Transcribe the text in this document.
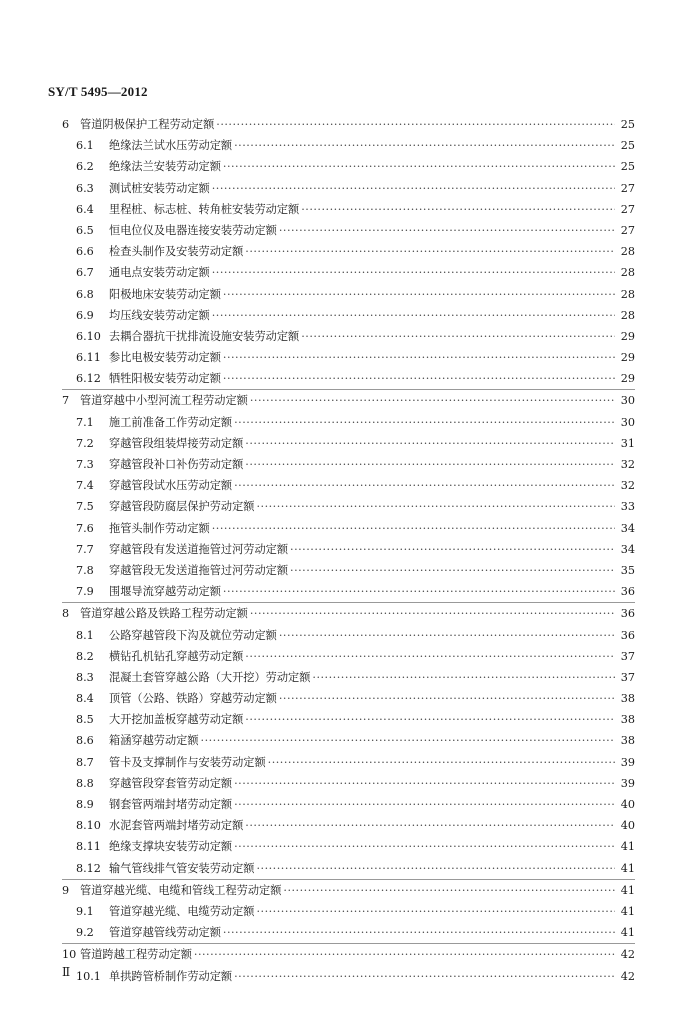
SY/T 5495—2012
6 管道阴极保护工程劳动定额 ·····	25
6.1	绝缘法兰试水压劳动定额 ·····	25
6.2	绝缘法兰安装劳动定额 ·····	25
6.3	测试桩安装劳动定额 ·····	27
6.4	里程桩、标志桩、转角桩安装劳动定额 ·····	27
6.5	恒电位仪及电器连接安装劳动定额 ·····	27
6.6	检查头制作及安装劳动定额 ·····	28
6.7	通电点安装劳动定额 ·····	28
6.8	阳极地床安装劳动定额 ·····	28
6.9	均压线安装劳动定额 ·····	28
6.10 去耦合器抗干扰排流设施安装劳动定额 ·····	29
6.11 参比电极安装劳动定额 ·····	29
6.12 牺牲阳极安装劳动定额 ·····	29
7 管道穿越中小型河流工程劳动定额 ·····	30
7.1	施工前准备工作劳动定额 ·····	30
7.2	穿越管段组装焊接劳动定额 ·····	31
7.3	穿越管段补口补伤劳动定额 ·····	32
7.4	穿越管段试水压劳动定额 ·····	32
7.5	穿越管段防腐层保护劳动定额 ·····	33
7.6	拖管头制作劳动定额 ·····	34
7.7	穿越管段有发送道拖管过河劳动定额 ·····	34
7.8	穿越管段无发送道拖管过河劳动定额 ·····	35
7.9	围堰导流穿越劳动定额 ·····	36
8 管道穿越公路及铁路工程劳动定额 ·····	36
8.1	公路穿越管段下沟及就位劳动定额 ·····	36
8.2	横钻孔机钻孔穿越劳动定额 ·····	37
8.3	混凝土套管穿越公路（大开挖）劳动定额 ·····	37
8.4	顶管（公路、铁路）穿越劳动定额 ·····	38
8.5	大开挖加盖板穿越劳动定额 ·····	38
8.6	箱涵穿越劳动定额 ·····	38
8.7	管卡及支撑制作与安装劳动定额 ·····	39
8.8	穿越管段穿套管劳动定额 ·····	39
8.9	钢套管两端封堵劳动定额 ·····	40
8.10 水泥套管两端封堵劳动定额 ·····	40
8.11 绝缘支撑块安装劳动定额 ·····	41
8.12 输气管线排气管安装劳动定额 ·····	41
9 管道穿越光缆、电缆和管线工程劳动定额 ·····	41
9.1	管道穿越光缆、电缆劳动定额 ·····	41
9.2	管道穿越管线劳动定额 ·····	41
10 管道跨越工程劳动定额 ·····	42
10.1 单拱跨管桥制作劳动定额 ·····	42
Ⅱ
